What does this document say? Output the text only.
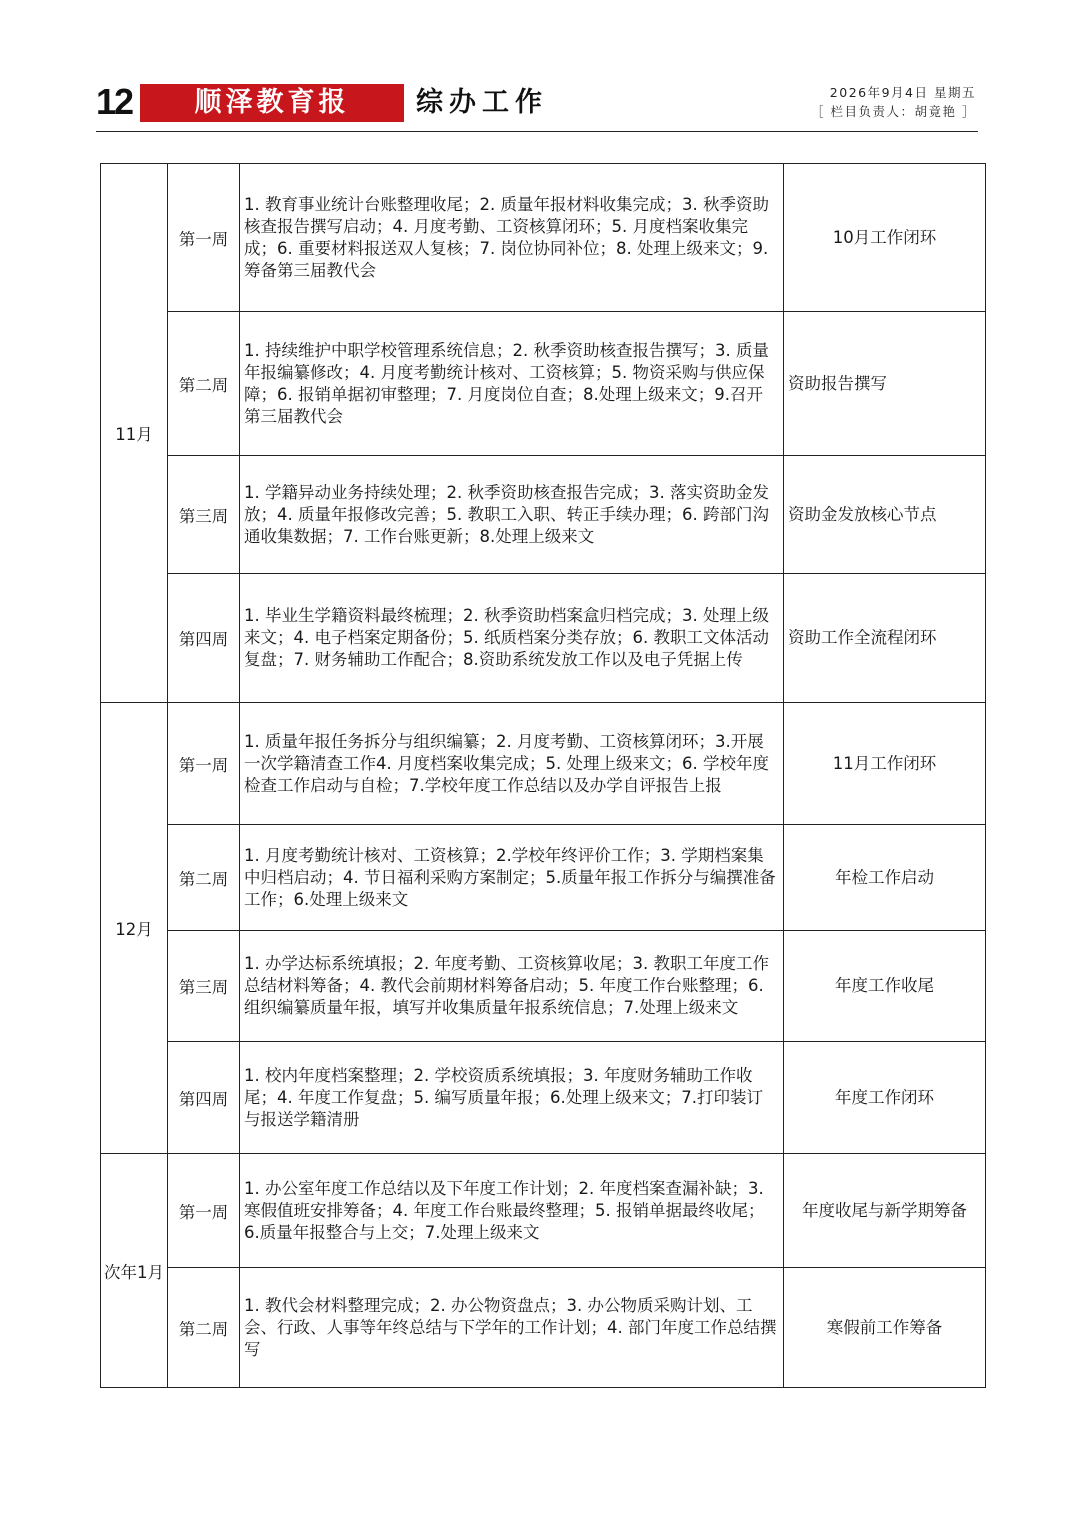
12	顺泽教育报	综办工作	2026年9月4日 星期五
［ 栏目负责人：胡竟艳 ］
11月	第一周	1. 教育事业统计台账整理收尾；2. 质量年报材料收集完成；3. 秋季资助核查报告撰写启动；4. 月度考勤、工资核算闭环；5. 月度档案收集完成；6. 重要材料报送双人复核；7. 岗位协同补位；8. 处理上级来文；9.筹备第三届教代会	10月工作闭环
	第二周	1. 持续维护中职学校管理系统信息；2. 秋季资助核查报告撰写；3. 质量年报编纂修改；4. 月度考勤统计核对、工资核算；5. 物资采购与供应保障；6. 报销单据初审整理；7. 月度岗位自查；8.处理上级来文；9.召开第三届教代会	资助报告撰写
	第三周	1. 学籍异动业务持续处理；2. 秋季资助核查报告完成；3. 落实资助金发放；4. 质量年报修改完善；5. 教职工入职、转正手续办理；6. 跨部门沟通收集数据；7. 工作台账更新；8.处理上级来文	资助金发放核心节点
	第四周	1. 毕业生学籍资料最终梳理；2. 秋季资助档案盒归档完成；3. 处理上级来文；4. 电子档案定期备份；5. 纸质档案分类存放；6. 教职工文体活动复盘；7. 财务辅助工作配合；8.资助系统发放工作以及电子凭据上传	资助工作全流程闭环
12月	第一周	1. 质量年报任务拆分与组织编纂；2. 月度考勤、工资核算闭环；3.开展一次学籍清查工作4. 月度档案收集完成；5. 处理上级来文；6. 学校年度检查工作启动与自检；7.学校年度工作总结以及办学自评报告上报	11月工作闭环
	第二周	1. 月度考勤统计核对、工资核算；2.学校年终评价工作；3. 学期档案集中归档启动；4. 节日福利采购方案制定；5.质量年报工作拆分与编撰准备工作；6.处理上级来文	年检工作启动
	第三周	1. 办学达标系统填报；2. 年度考勤、工资核算收尾；3. 教职工年度工作总结材料筹备；4. 教代会前期材料筹备启动；5. 年度工作台账整理；6.组织编纂质量年报，填写并收集质量年报系统信息；7.处理上级来文	年度工作收尾
	第四周	1. 校内年度档案整理；2. 学校资质系统填报；3. 年度财务辅助工作收尾；4. 年度工作复盘；5. 编写质量年报；6.处理上级来文；7.打印装订与报送学籍清册	年度工作闭环
次年1月	第一周	1. 办公室年度工作总结以及下年度工作计划；2. 年度档案查漏补缺；3. 寒假值班安排筹备；4. 年度工作台账最终整理；5. 报销单据最终收尾；6.质量年报整合与上交；7.处理上级来文	年度收尾与新学期筹备
	第二周	1. 教代会材料整理完成；2. 办公物资盘点；3. 办公物质采购计划、工会、行政、人事等年终总结与下学年的工作计划；4. 部门年度工作总结撰写	寒假前工作筹备
